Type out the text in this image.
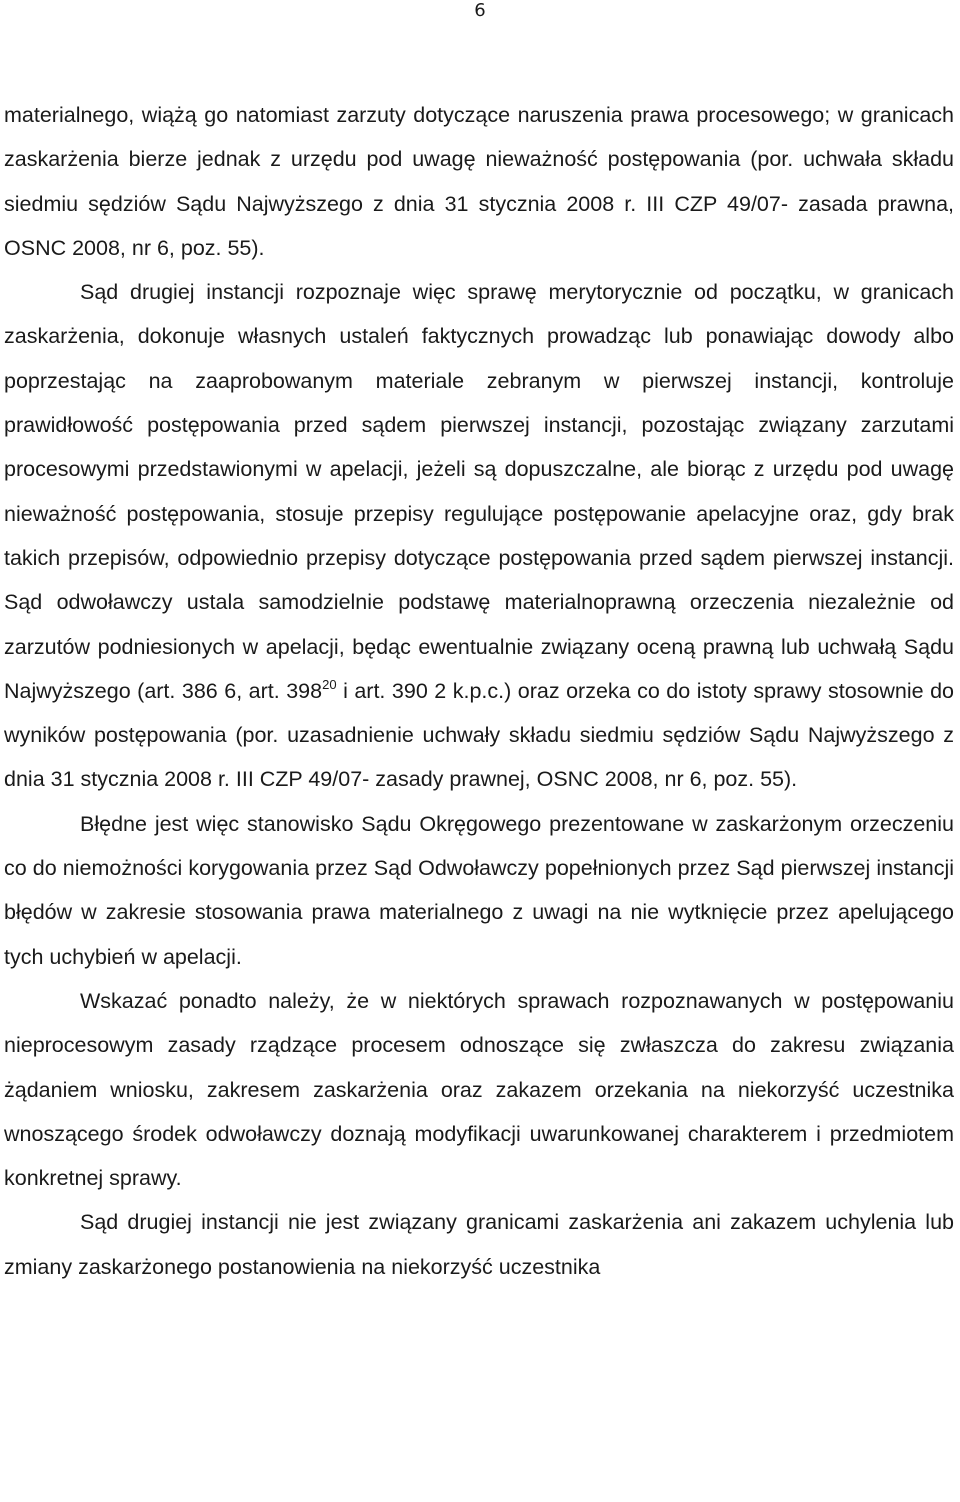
6

materialnego, wiążą go natomiast zarzuty dotyczące naruszenia prawa procesowego; w granicach zaskarżenia bierze jednak z urzędu pod uwagę nieważność postępowania (por. uchwała składu siedmiu sędziów Sądu Najwyższego z dnia 31 stycznia 2008 r. III CZP 49/07- zasada prawna, OSNC 2008, nr 6, poz. 55).

Sąd drugiej instancji rozpoznaje więc sprawę merytorycznie od początku, w granicach zaskarżenia, dokonuje własnych ustaleń faktycznych prowadząc lub ponawiając dowody albo poprzestając na zaaprobowanym materiale zebranym w pierwszej instancji, kontroluje prawidłowość postępowania przed sądem pierwszej instancji, pozostając związany zarzutami procesowymi przedstawionymi w apelacji, jeżeli są dopuszczalne, ale biorąc z urzędu pod uwagę nieważność postępowania, stosuje przepisy regulujące postępowanie apelacyjne oraz, gdy brak takich przepisów, odpowiednio przepisy dotyczące postępowania przed sądem pierwszej instancji. Sąd odwoławczy ustala samodzielnie podstawę materialnoprawną orzeczenia niezależnie od zarzutów podniesionych w apelacji, będąc ewentualnie związany oceną prawną lub uchwałą Sądu Najwyższego (art. 386 6, art. $398^{20}$ i art. 390 2 k.p.c.) oraz orzeka co do istoty sprawy stosownie do wyników postępowania (por. uzasadnienie uchwały składu siedmiu sędziów Sądu Najwyższego z dnia 31 stycznia 2008 r. III CZP 49/07- zasady prawnej, OSNC 2008, nr 6, poz. 55).

Błędne jest więc stanowisko Sądu Okręgowego prezentowane w zaskarżonym orzeczeniu co do niemożności korygowania przez Sąd Odwoławczy popełnionych przez Sąd pierwszej instancji błędów w zakresie stosowania prawa materialnego z uwagi na nie wytknięcie przez apelującego tych uchybień w apelacji.

Wskazać ponadto należy, że w niektórych sprawach rozpoznawanych w postępowaniu nieprocesowym zasady rządzące procesem odnoszące się zwłaszcza do zakresu związania żądaniem wniosku, zakresem zaskarżenia oraz zakazem orzekania na niekorzyść uczestnika wnoszącego środek odwoławczy doznają modyfikacji uwarunkowanej charakterem i przedmiotem konkretnej sprawy.

Sąd drugiej instancji nie jest związany granicami zaskarżenia ani zakazem uchylenia lub zmiany zaskarżonego postanowienia na niekorzyść uczestnika
